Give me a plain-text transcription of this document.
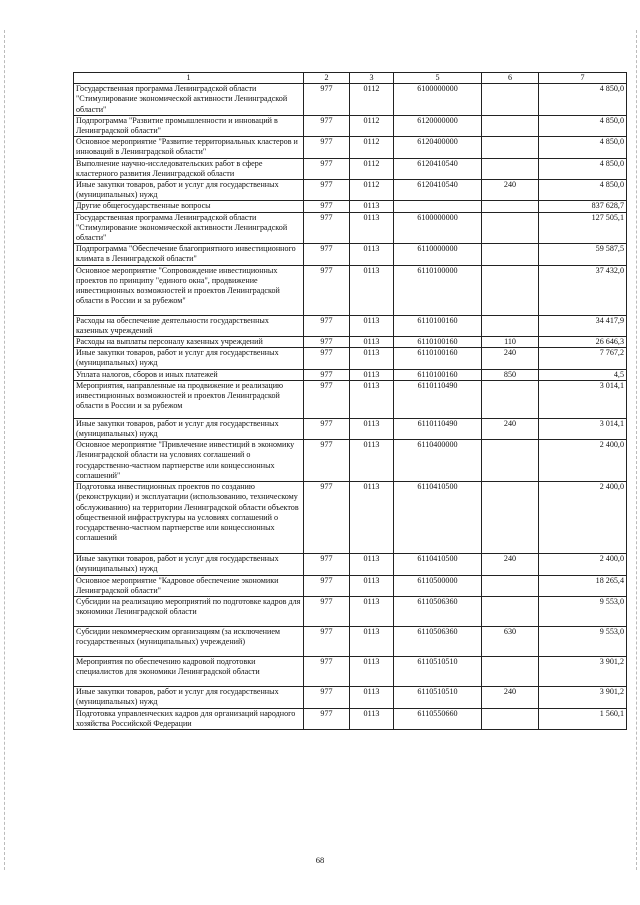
1	2	3	5	6	7
Государственная программа Ленинградской области "Стимулирование экономической активности Ленинградской области"	977	0112	6100000000		4 850,0
Подпрограмма "Развитие промышленности и инноваций в Ленинградской области"	977	0112	6120000000		4 850,0
Основное мероприятие "Развитие территориальных кластеров и инноваций в Ленинградской области"	977	0112	6120400000		4 850,0
Выполнение научно-исследовательских работ в сфере кластерного развития Ленинградской области	977	0112	6120410540		4 850,0
Иные закупки товаров, работ и услуг для государственных (муниципальных) нужд	977	0112	6120410540	240	4 850,0
Другие общегосударственные вопросы	977	0113			837 628,7
Государственная программа Ленинградской области "Стимулирование экономической активности Ленинградской области"	977	0113	6100000000		127 505,1
Подпрограмма "Обеспечение благоприятного инвестиционного климата в Ленинградской области"	977	0113	6110000000		59 587,5
Основное мероприятие "Сопровождение инвестиционных проектов по принципу "единого окна", продвижение инвестиционных возможностей и проектов Ленинградской области в России и за рубежом"	977	0113	6110100000		37 432,0
Расходы на обеспечение деятельности государственных казенных учреждений	977	0113	6110100160		34 417,9
Расходы на выплаты персоналу казенных учреждений	977	0113	6110100160	110	26 646,3
Иные закупки товаров, работ и услуг для государственных (муниципальных) нужд	977	0113	6110100160	240	7 767,2
Уплата налогов, сборов и иных платежей	977	0113	6110100160	850	4,5
Мероприятия, направленные на продвижение и реализацию инвестиционных возможностей и проектов Ленинградской области в России и за рубежом	977	0113	6110110490		3 014,1
Иные закупки товаров, работ и услуг для государственных (муниципальных) нужд	977	0113	6110110490	240	3 014,1
Основное мероприятие "Привлечение инвестиций в экономику Ленинградской области на условиях соглашений о государственно-частном партнерстве или концессионных соглашений"	977	0113	6110400000		2 400,0
Подготовка инвестиционных проектов по созданию (реконструкции) и эксплуатации (использованию, техническому обслуживанию) на территории Ленинградской области объектов общественной инфраструктуры на условиях соглашений о государственно-частном партнерстве или концессионных соглашений	977	0113	6110410500		2 400,0
Иные закупки товаров, работ и услуг для государственных (муниципальных) нужд	977	0113	6110410500	240	2 400,0
Основное мероприятие "Кадровое обеспечение экономики Ленинградской области"	977	0113	6110500000		18 265,4
Субсидии на реализацию мероприятий по подготовке кадров для экономики Ленинградской области	977	0113	6110506360		9 553,0
Субсидии некоммерческим организациям (за исключением государственных (муниципальных) учреждений)	977	0113	6110506360	630	9 553,0
Мероприятия по обеспечению кадровой подготовки специалистов для экономики Ленинградской области	977	0113	6110510510		3 901,2
Иные закупки товаров, работ и услуг для государственных (муниципальных) нужд	977	0113	6110510510	240	3 901,2
Подготовка управленческих кадров для организаций народного хозяйства Российской Федерации	977	0113	6110550660		1 560,1
68
